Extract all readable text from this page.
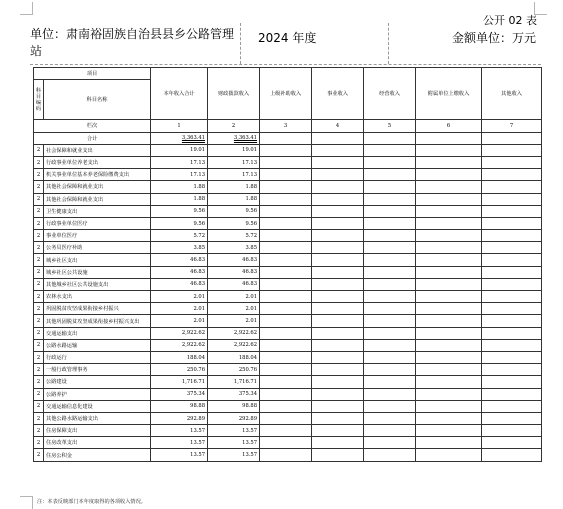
公开 02 表
单位：肃南裕固族自治县县乡公路管理站
2024 年度	金额单位：万元
项目		本年收入合计	财政拨款收入	上级补助收入	事业收入	经营收入	附属单位上缴收入	其他收入
科目编码	科目名称							
栏次		1	2	3	4	5	6	7
合计		3,363.41	3,363.41					
2	社会保障和就业支出	19.01	19.01					
2	行政事业单位养老支出	17.13	17.13					
2	机关事业单位基本养老保险缴费支出	17.13	17.13					
2	其他社会保障和就业支出	1.88	1.88					
2	其他社会保障和就业支出	1.88	1.88					
2	卫生健康支出	9.56	9.56					
2	行政事业单位医疗	9.56	9.56					
2	事业单位医疗	5.72	5.72					
2	公务员医疗补助	3.85	3.85					
2	城乡社区支出	46.83	46.83					
2	城乡社区公共设施	46.83	46.83					
2	其他城乡社区公共设施支出	46.83	46.83					
2	农林水支出	2.01	2.01					
2	巩固脱贫攻坚成果衔接乡村振兴	2.01	2.01					
2	其他巩固脱贫攻坚成果衔接乡村振兴支出	2.01	2.01					
2	交通运输支出	2,922.62	2,922.62					
2	公路水路运输	2,922.62	2,922.62					
2	行政运行	188.04	188.04					
2	一般行政管理事务	250.76	250.76					
2	公路建设	1,716.71	1,716.71					
2	公路养护	375.34	375.34					
2	交通运输信息化建设	98.88	98.88					
2	其他公路水路运输支出	292.89	292.89					
2	住房保障支出	13.57	13.57					
2	住房改革支出	13.57	13.57					
2	住房公积金	13.57	13.57					
注：本表反映部门本年度取得的各项收入情况。
